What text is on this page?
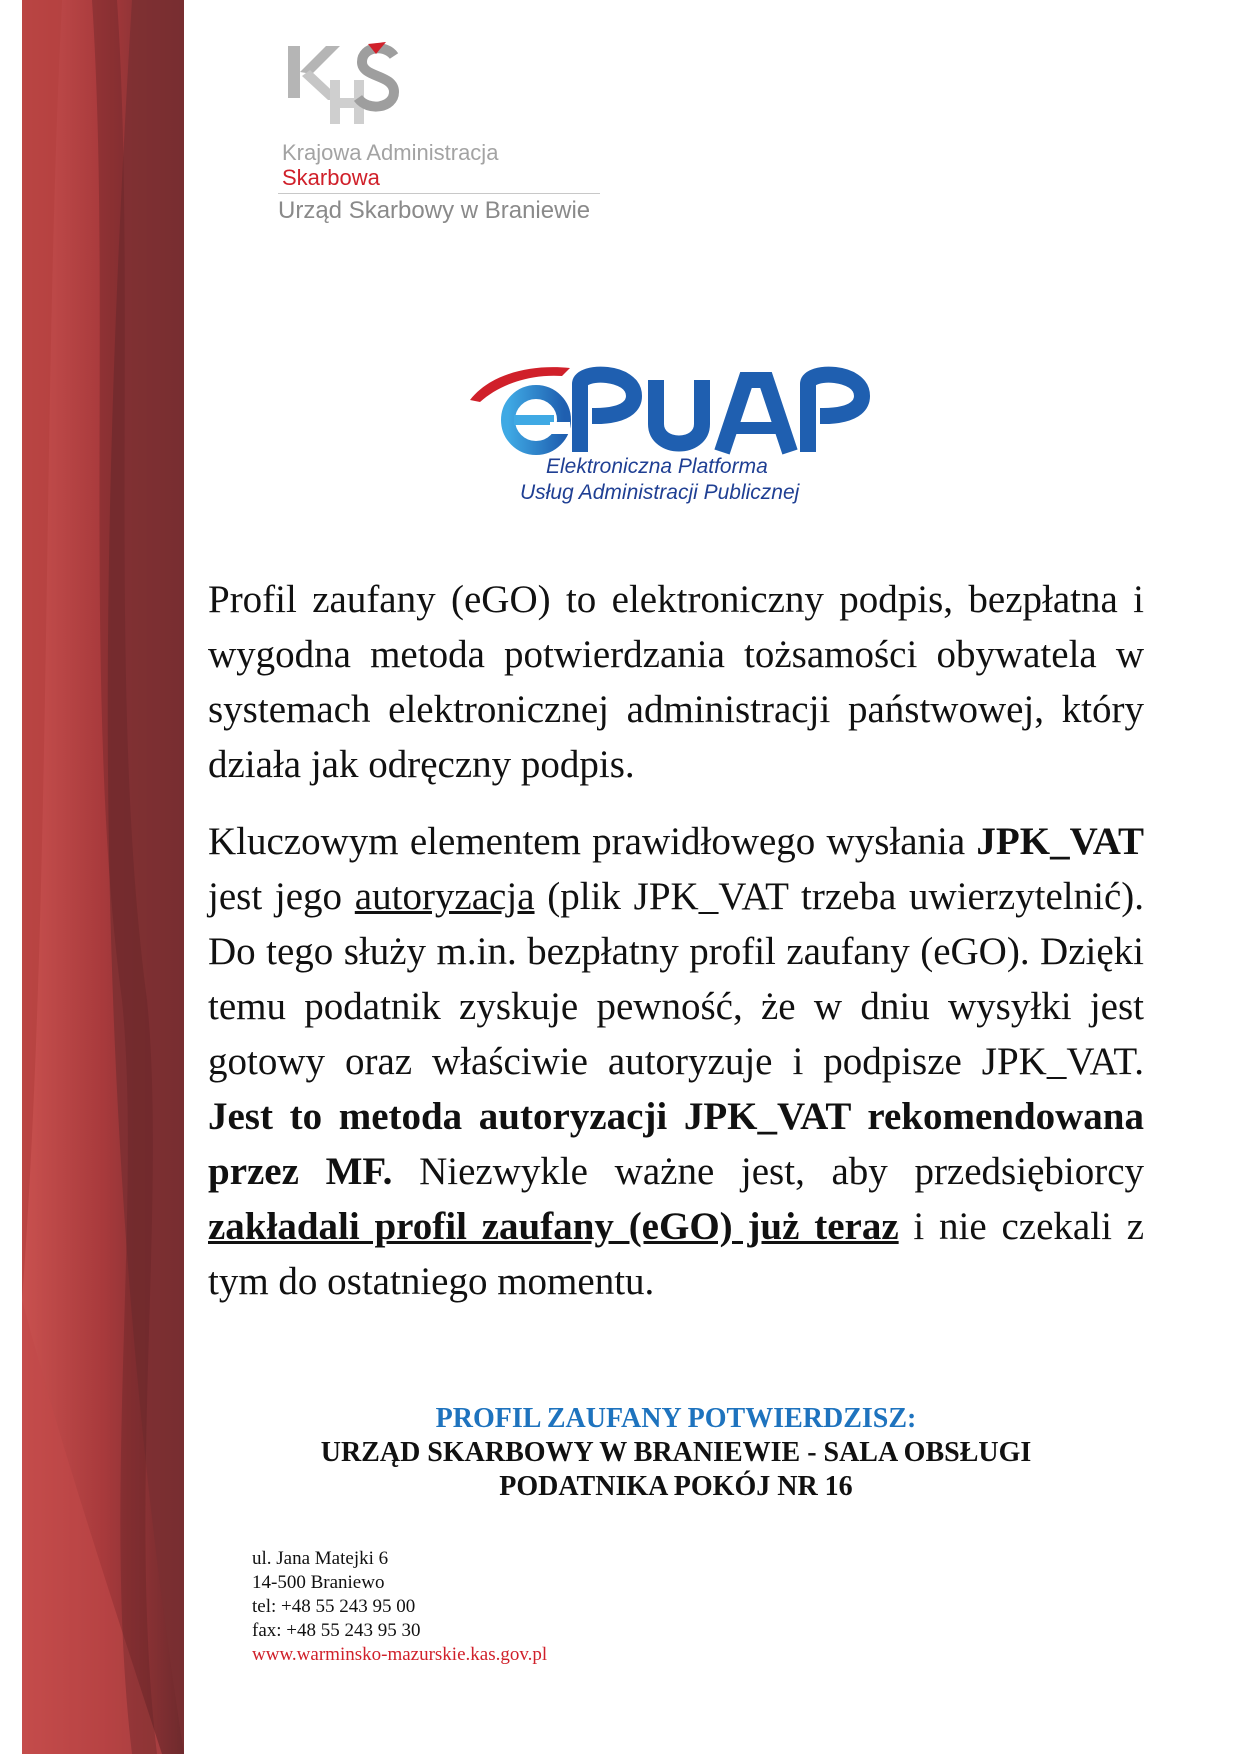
Krajowa Administracja
Skarbowa
Urząd Skarbowy w Braniewie
Elektroniczna Platforma
Usług Administracji Publicznej

Profil zaufany (eGO) to elektroniczny podpis, bezpłatna i wygodna metoda potwierdzania tożsamości obywatela w systemach elektronicznej administracji państwowej, który działa jak odręczny podpis.

Kluczowym elementem prawidłowego wysłania JPK_VAT jest jego autoryzacja (plik JPK_VAT trzeba uwierzytelnić). Do tego służy m.in. bezpłatny profil zaufany (eGO). Dzięki temu podatnik zyskuje pewność, że w dniu wysyłki jest gotowy oraz właściwie autoryzuje i podpisze JPK_VAT. Jest to metoda autoryzacji JPK_VAT rekomendowana przez MF. Niezwykle ważne jest, aby przedsiębiorcy zakładali profil zaufany (eGO) już teraz i nie czekali z tym do ostatniego momentu.

PROFIL ZAUFANY POTWIERDZISZ:
URZĄD SKARBOWY W BRANIEWIE - SALA OBSŁUGI
PODATNIKA POKÓJ NR 16
ul. Jana Matejki 6
14-500 Braniewo
tel: +48 55 243 95 00
fax: +48 55 243 95 30
www.warminsko-mazurskie.kas.gov.pl
